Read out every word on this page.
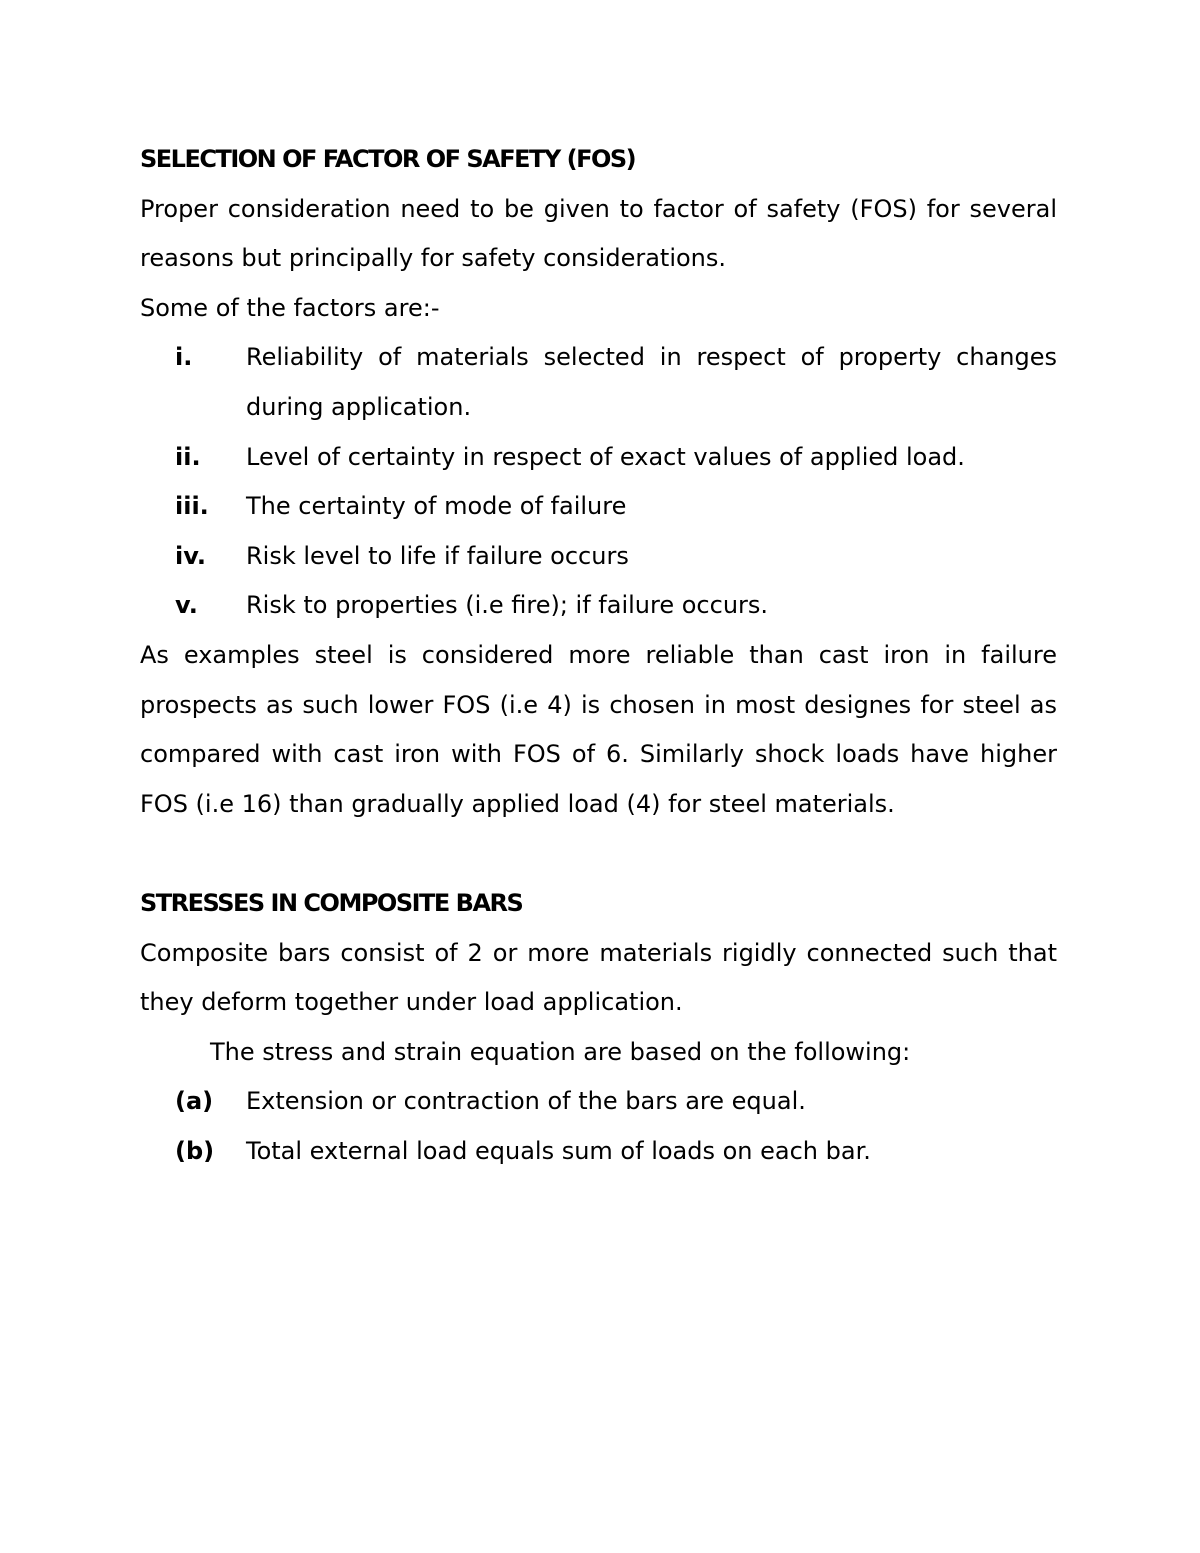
SELECTION OF FACTOR OF SAFETY (FOS)

Proper consideration need to be given to factor of safety (FOS) for several reasons but principally for safety considerations.

Some of the factors are:-

i.	Reliability of materials selected in respect of property changes during application.
ii.	Level of certainty in respect of exact values of applied load.
iii.	The certainty of mode of failure
iv.	Risk level to life if failure occurs
v.	Risk to properties (i.e fire); if failure occurs.

As examples steel is considered more reliable than cast iron in failure prospects as such lower FOS (i.e 4) is chosen in most designes for steel as compared with cast iron with FOS of 6. Similarly shock loads have higher FOS (i.e 16) than gradually applied load (4) for steel materials.

STRESSES IN COMPOSITE BARS

Composite bars consist of 2 or more materials rigidly connected such that they deform together under load application.

The stress and strain equation are based on the following:

(a)	Extension or contraction of the bars are equal.
(b)	Total external load equals sum of loads on each bar.
